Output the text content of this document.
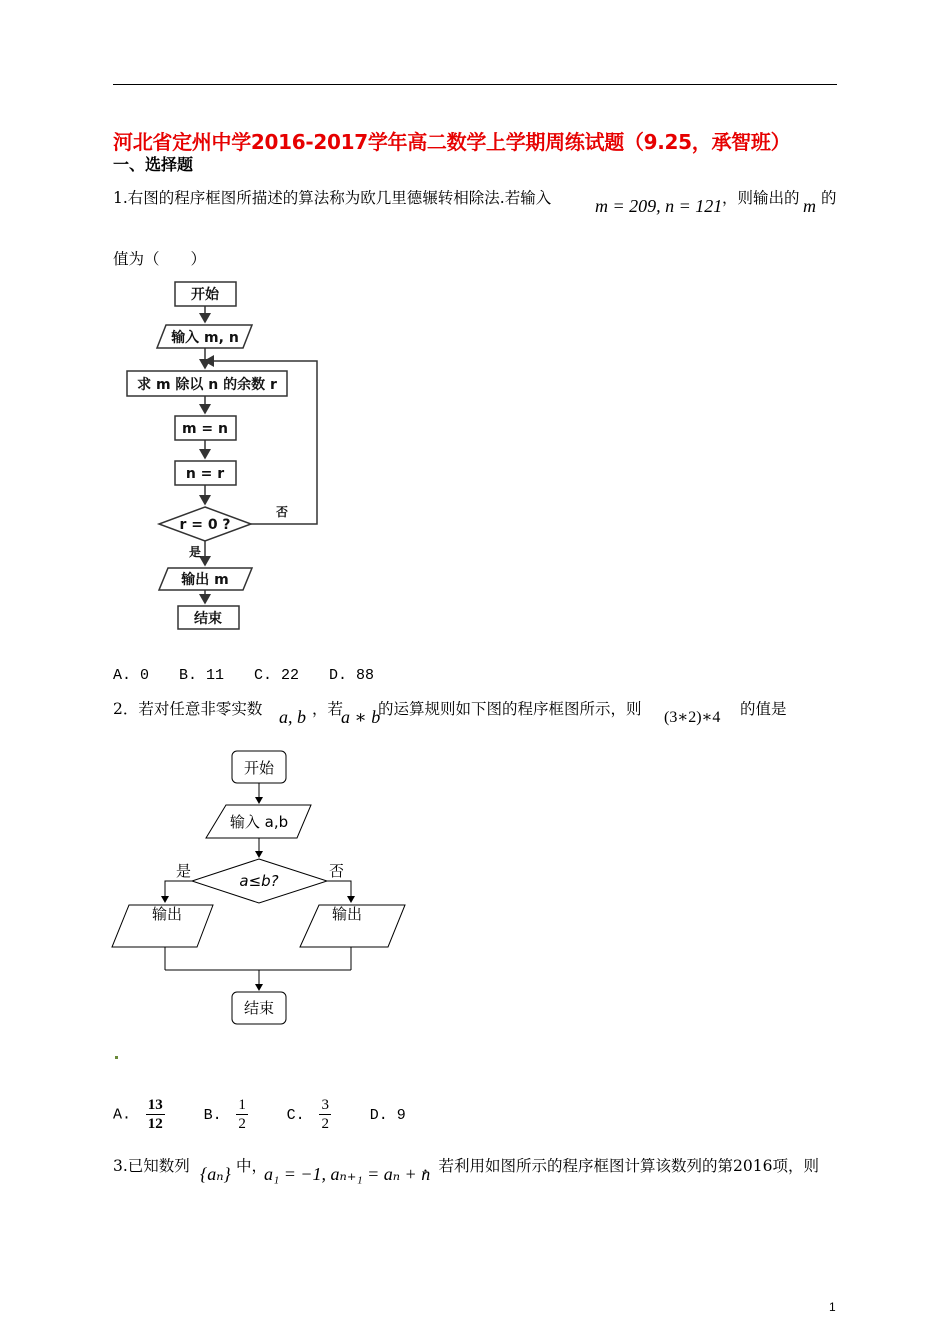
河北省定州中学2016-2017学年高二数学上学期周练试题（9.25，承智班）
一、选择题
1.右图的程序框图所描述的算法称为欧几里德辗转相除法.若输入 m = 209, n = 121 ，则输出的 m 的
值为（　　）
开始
输入 m, n
求 m 除以 n 的余数 r
m = n
n = r
r = 0 ?
否
是
输出 m
结束
A. 0　　B. 11　　C. 22　　D. 88
2．若对任意非零实数 a, b ，若
a ∗ b
的运算规则如下图的程序框图所示，则 (3∗2)∗4 的值是
开始
输入 a,b
a≤b?
是	否
输出	输出
结束
A. $\frac{13}{12}$	B. $\frac{1}{2}$	C. $\frac{3}{2}$	D. 9
3.已知数列 {aₙ} 中，
a₁ = −1, aₙ₊₁ = aₙ + n
，若利用如图所示的程序框图计算该数列的第2016项，则
1
